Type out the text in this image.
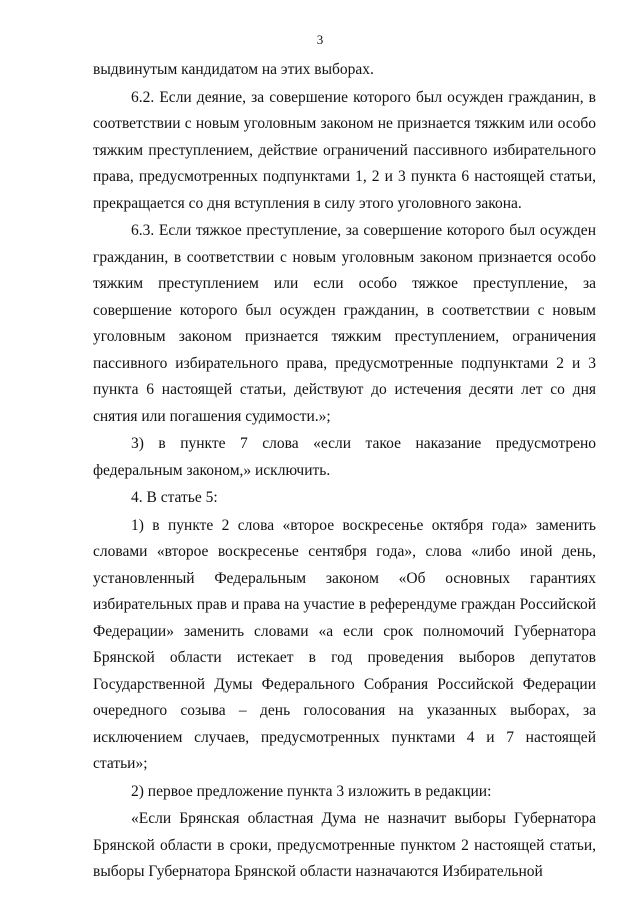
3

выдвинутым кандидатом на этих выборах.

6.2. Если деяние, за совершение которого был осужден гражданин, в соответствии с новым уголовным законом не признается тяжким или особо тяжким преступлением, действие ограничений пассивного избирательного права, предусмотренных подпунктами 1, 2 и 3 пункта 6 настоящей статьи, прекращается со дня вступления в силу этого уголовного закона.

6.3. Если тяжкое преступление, за совершение которого был осужден гражданин, в соответствии с новым уголовным законом признается особо тяжким преступлением или если особо тяжкое преступление, за совершение которого был осужден гражданин, в соответствии с новым уголовным законом признается тяжким преступлением, ограничения пассивного избирательного права, предусмотренные подпунктами 2 и 3 пункта 6 настоящей статьи, действуют до истечения десяти лет со дня снятия или погашения судимости.»;

3) в пункте 7 слова «если такое наказание предусмотрено федеральным законом,» исключить.

4. В статье 5:

1) в пункте 2 слова «второе воскресенье октября года» заменить словами «второе воскресенье сентября года», слова «либо иной день, установленный Федеральным законом «Об основных гарантиях избирательных прав и права на участие в референдуме граждан Российской Федерации» заменить словами «а если срок полномочий Губернатора Брянской области истекает в год проведения выборов депутатов Государственной Думы Федерального Собрания Российской Федерации очередного созыва – день голосования на указанных выборах, за исключением случаев, предусмотренных пунктами 4 и 7 настоящей статьи»;

2) первое предложение пункта 3 изложить в редакции:

«Если Брянская областная Дума не назначит выборы Губернатора Брянской области в сроки, предусмотренные пунктом 2 настоящей статьи, выборы Губернатора Брянской области назначаются Избирательной
